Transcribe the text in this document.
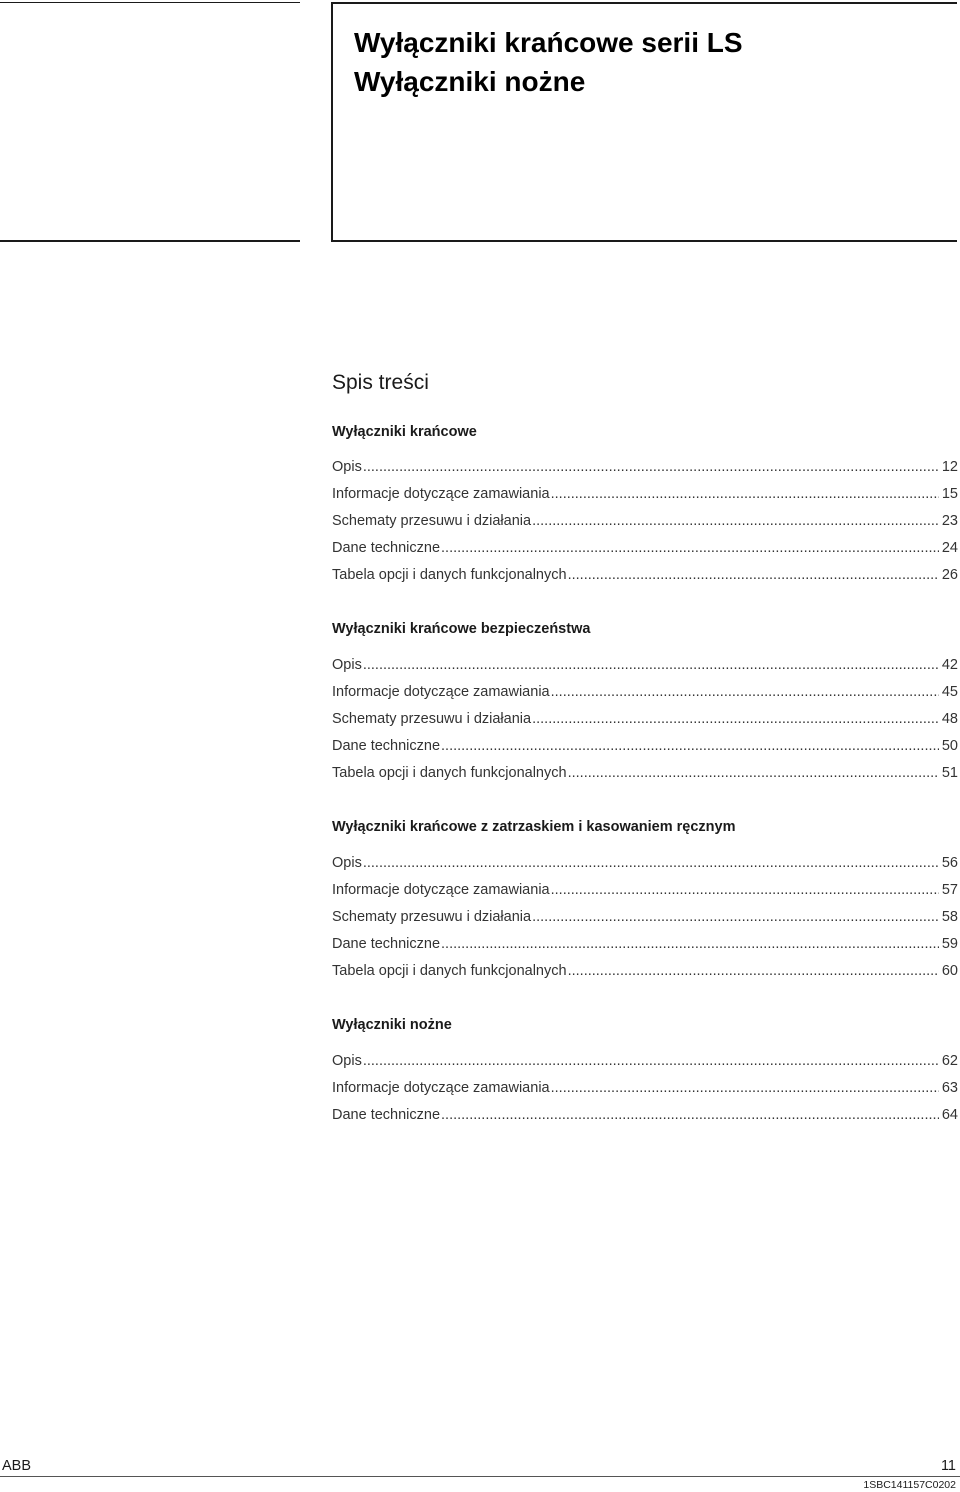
Wyłączniki krańcowe serii LS
Wyłączniki nożne
Spis treści
Wyłączniki krańcowe
Opis .....	12
Informacje dotyczące zamawiania .....	15
Schematy przesuwu i działania .....	23
Dane techniczne .....	24
Tabela opcji i danych funkcjonalnych .....	26
Wyłączniki krańcowe bezpieczeństwa
Opis .....	42
Informacje dotyczące zamawiania .....	45
Schematy przesuwu i działania .....	48
Dane techniczne .....	50
Tabela opcji i danych funkcjonalnych .....	51
Wyłączniki krańcowe z zatrzaskiem i kasowaniem ręcznym
Opis .....	56
Informacje dotyczące zamawiania .....	57
Schematy przesuwu i działania .....	58
Dane techniczne .....	59
Tabela opcji i danych funkcjonalnych .....	60
Wyłączniki nożne
Opis .....	62
Informacje dotyczące zamawiania .....	63
Dane techniczne .....	64
ABB	11
1SBC141157C0202
